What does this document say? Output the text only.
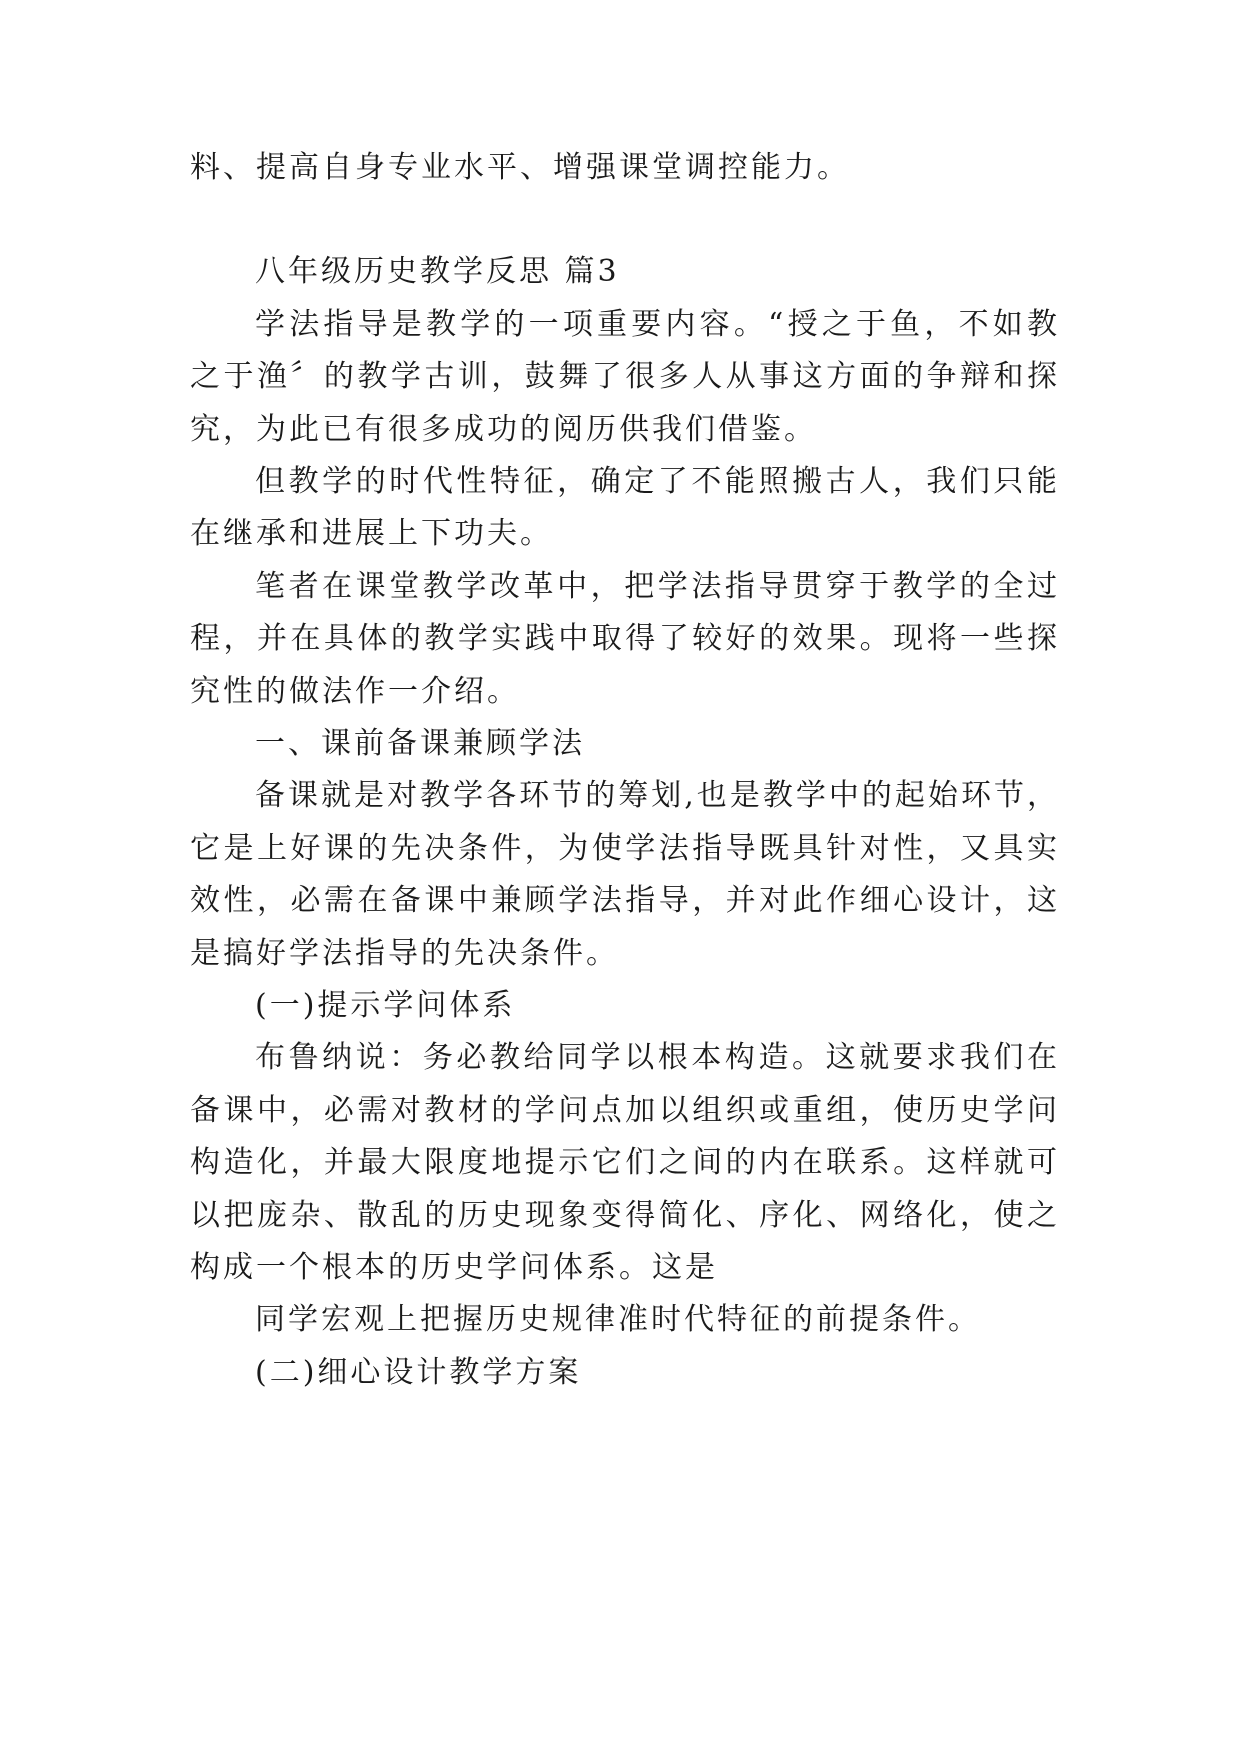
料、提高自身专业水平、增强课堂调控能力。
八年级历史教学反思 篇3
学法指导是教学的一项重要内容。“授之于鱼，不如教
之于渔〞的教学古训，鼓舞了很多人从事这方面的争辩和探
究，为此已有很多成功的阅历供我们借鉴。
但教学的时代性特征，确定了不能照搬古人，我们只能
在继承和进展上下功夫。
笔者在课堂教学改革中，把学法指导贯穿于教学的全过
程，并在具体的教学实践中取得了较好的效果。现将一些探
究性的做法作一介绍。
一、课前备课兼顾学法
备课就是对教学各环节的筹划,也是教学中的起始环节，
它是上好课的先决条件，为使学法指导既具针对性，又具实
效性，必需在备课中兼顾学法指导，并对此作细心设计，这
是搞好学法指导的先决条件。
(一)提示学问体系
布鲁纳说：务必教给同学以根本构造。这就要求我们在
备课中，必需对教材的学问点加以组织或重组，使历史学问
构造化，并最大限度地提示它们之间的内在联系。这样就可
以把庞杂、散乱的历史现象变得简化、序化、网络化，使之
构成一个根本的历史学问体系。这是
同学宏观上把握历史规律准时代特征的前提条件。
(二)细心设计教学方案
